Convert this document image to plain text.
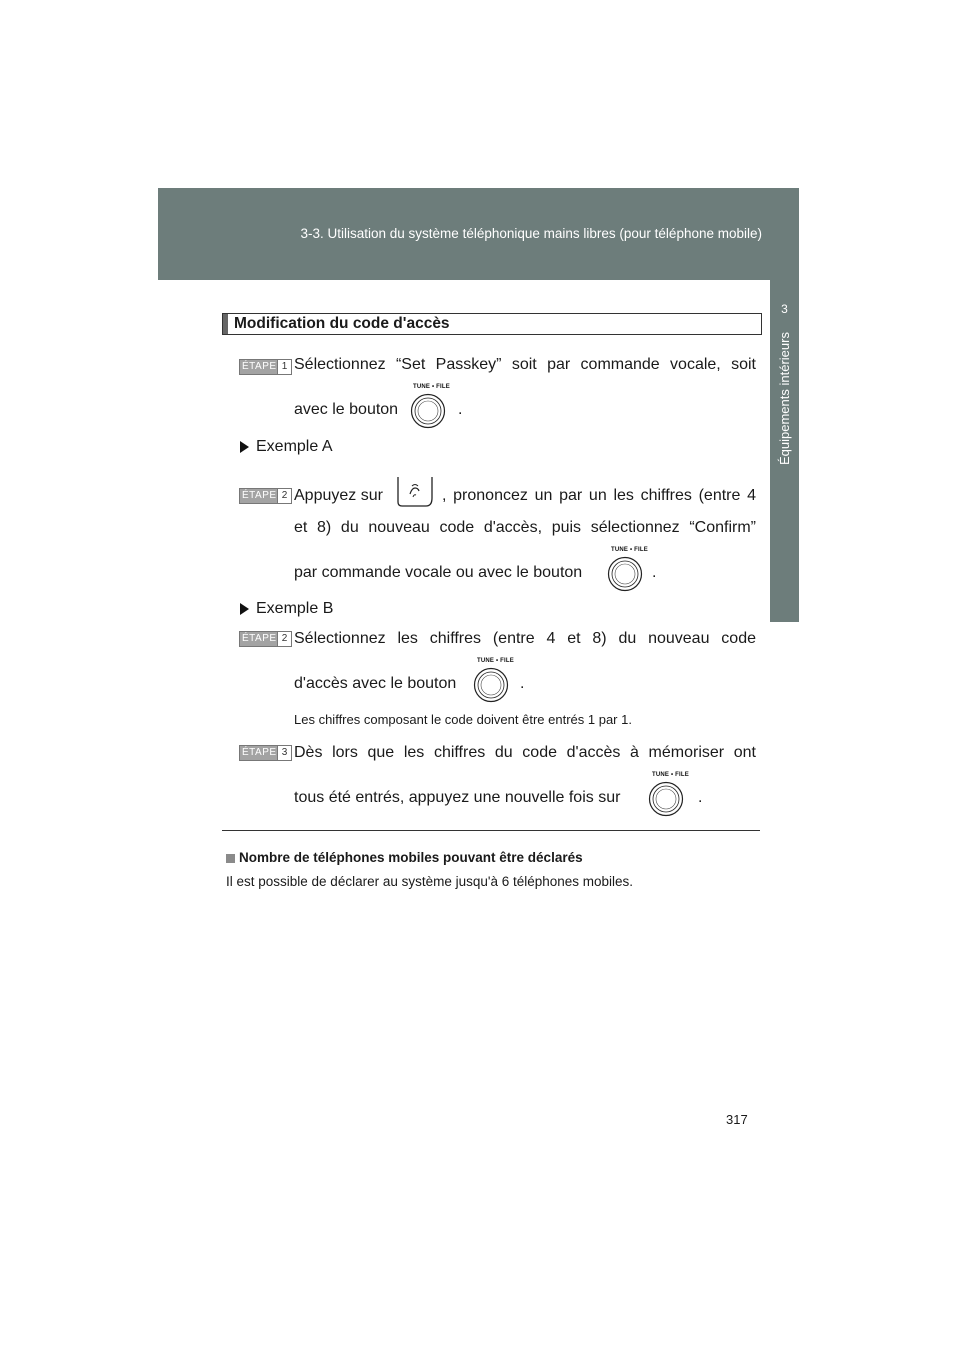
3-3. Utilisation du système téléphonique mains libres (pour téléphone mobile)
3
Équipements intérieurs
Modification du code d'accès
ÉTAPE 1 Sélectionnez “Set Passkey” soit par commande vocale, soit
avec le bouton
TUNE • FILE
.
Exemple A
ÉTAPE 2 Appuyez sur	, prononcez un par un les chiffres (entre 4
et 8) du nouveau code d'accès, puis sélectionnez “Confirm”
par commande vocale ou avec le bouton
TUNE • FILE
.
Exemple B
ÉTAPE 2 Sélectionnez les chiffres (entre 4 et 8) du nouveau code
d'accès avec le bouton
TUNE • FILE
.
Les chiffres composant le code doivent être entrés 1 par 1.
ÉTAPE 3 Dès lors que les chiffres du code d'accès à mémoriser ont
tous été entrés, appuyez une nouvelle fois sur
TUNE • FILE
.
Nombre de téléphones mobiles pouvant être déclarés
Il est possible de déclarer au système jusqu'à 6 téléphones mobiles.
317
